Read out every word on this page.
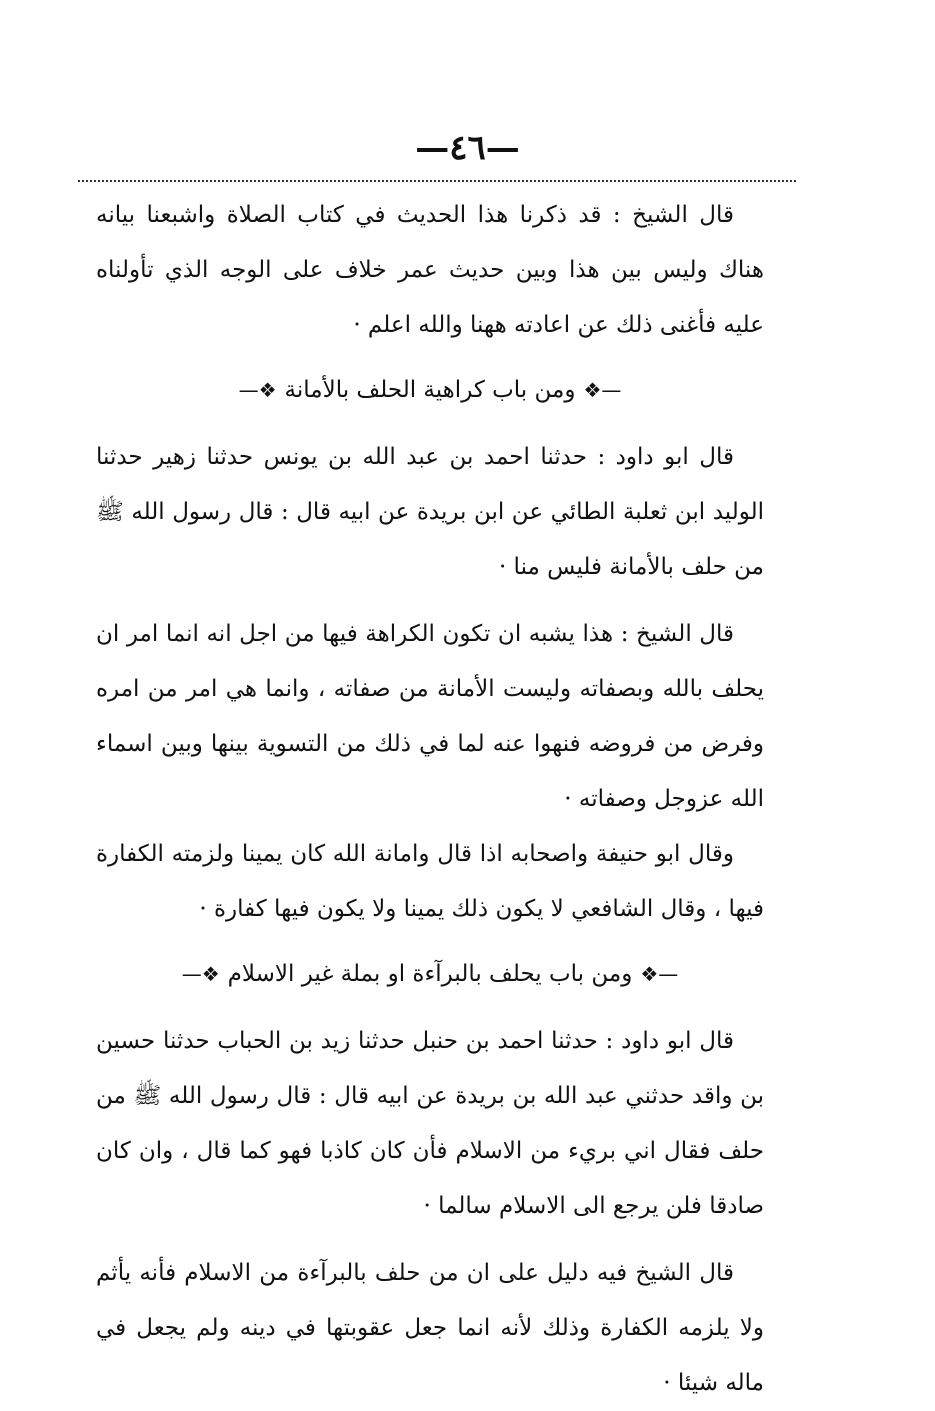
—٤٦—

قال الشيخ : قد ذكرنا هذا الحديث في كتاب الصلاة واشبعنا بيانه هناك وليس بين هذا وبين حديث عمر خلاف على الوجه الذي تأولناه عليه فأغنى ذلك عن اعادته ههنا والله اعلم ·

—❖ومن باب كراهية الحلف بالأمانة❖—

قال ابو داود : حدثنا احمد بن عبد الله بن يونس حدثنا زهير حدثنا الوليد ابن ثعلبة الطائي عن ابن بريدة عن ابيه قال : قال رسول الله ﷺ من حلف بالأمانة فليس منا ·

قال الشيخ : هذا يشبه ان تكون الكراهة فيها من اجل انه انما امر ان يحلف بالله وبصفاته وليست الأمانة من صفاته ، وانما هي امر من امره وفرض من فروضه فنهوا عنه لما في ذلك من التسوية بينها وبين اسماء الله عزوجل وصفاته ·

وقال ابو حنيفة واصحابه اذا قال وامانة الله كان يمينا ولزمته الكفارة فيها ، وقال الشافعي لا يكون ذلك يمينا ولا يكون فيها كفارة ·

—❖ومن باب يحلف بالبرآءة او بملة غير الاسلام❖—

قال ابو داود : حدثنا احمد بن حنبل حدثنا زيد بن الحباب حدثنا حسين بن واقد حدثني عبد الله بن بريدة عن ابيه قال : قال رسول الله ﷺ من حلف فقال اني بريء من الاسلام فأن كان كاذبا فهو كما قال ، وان كان صادقا فلن يرجع الى الاسلام سالما ·

قال الشيخ فيه دليل على ان من حلف بالبرآءة من الاسلام فأنه يأثم ولا يلزمه الكفارة وذلك لأنه انما جعل عقوبتها في دينه ولم يجعل في ماله شيئا ·
